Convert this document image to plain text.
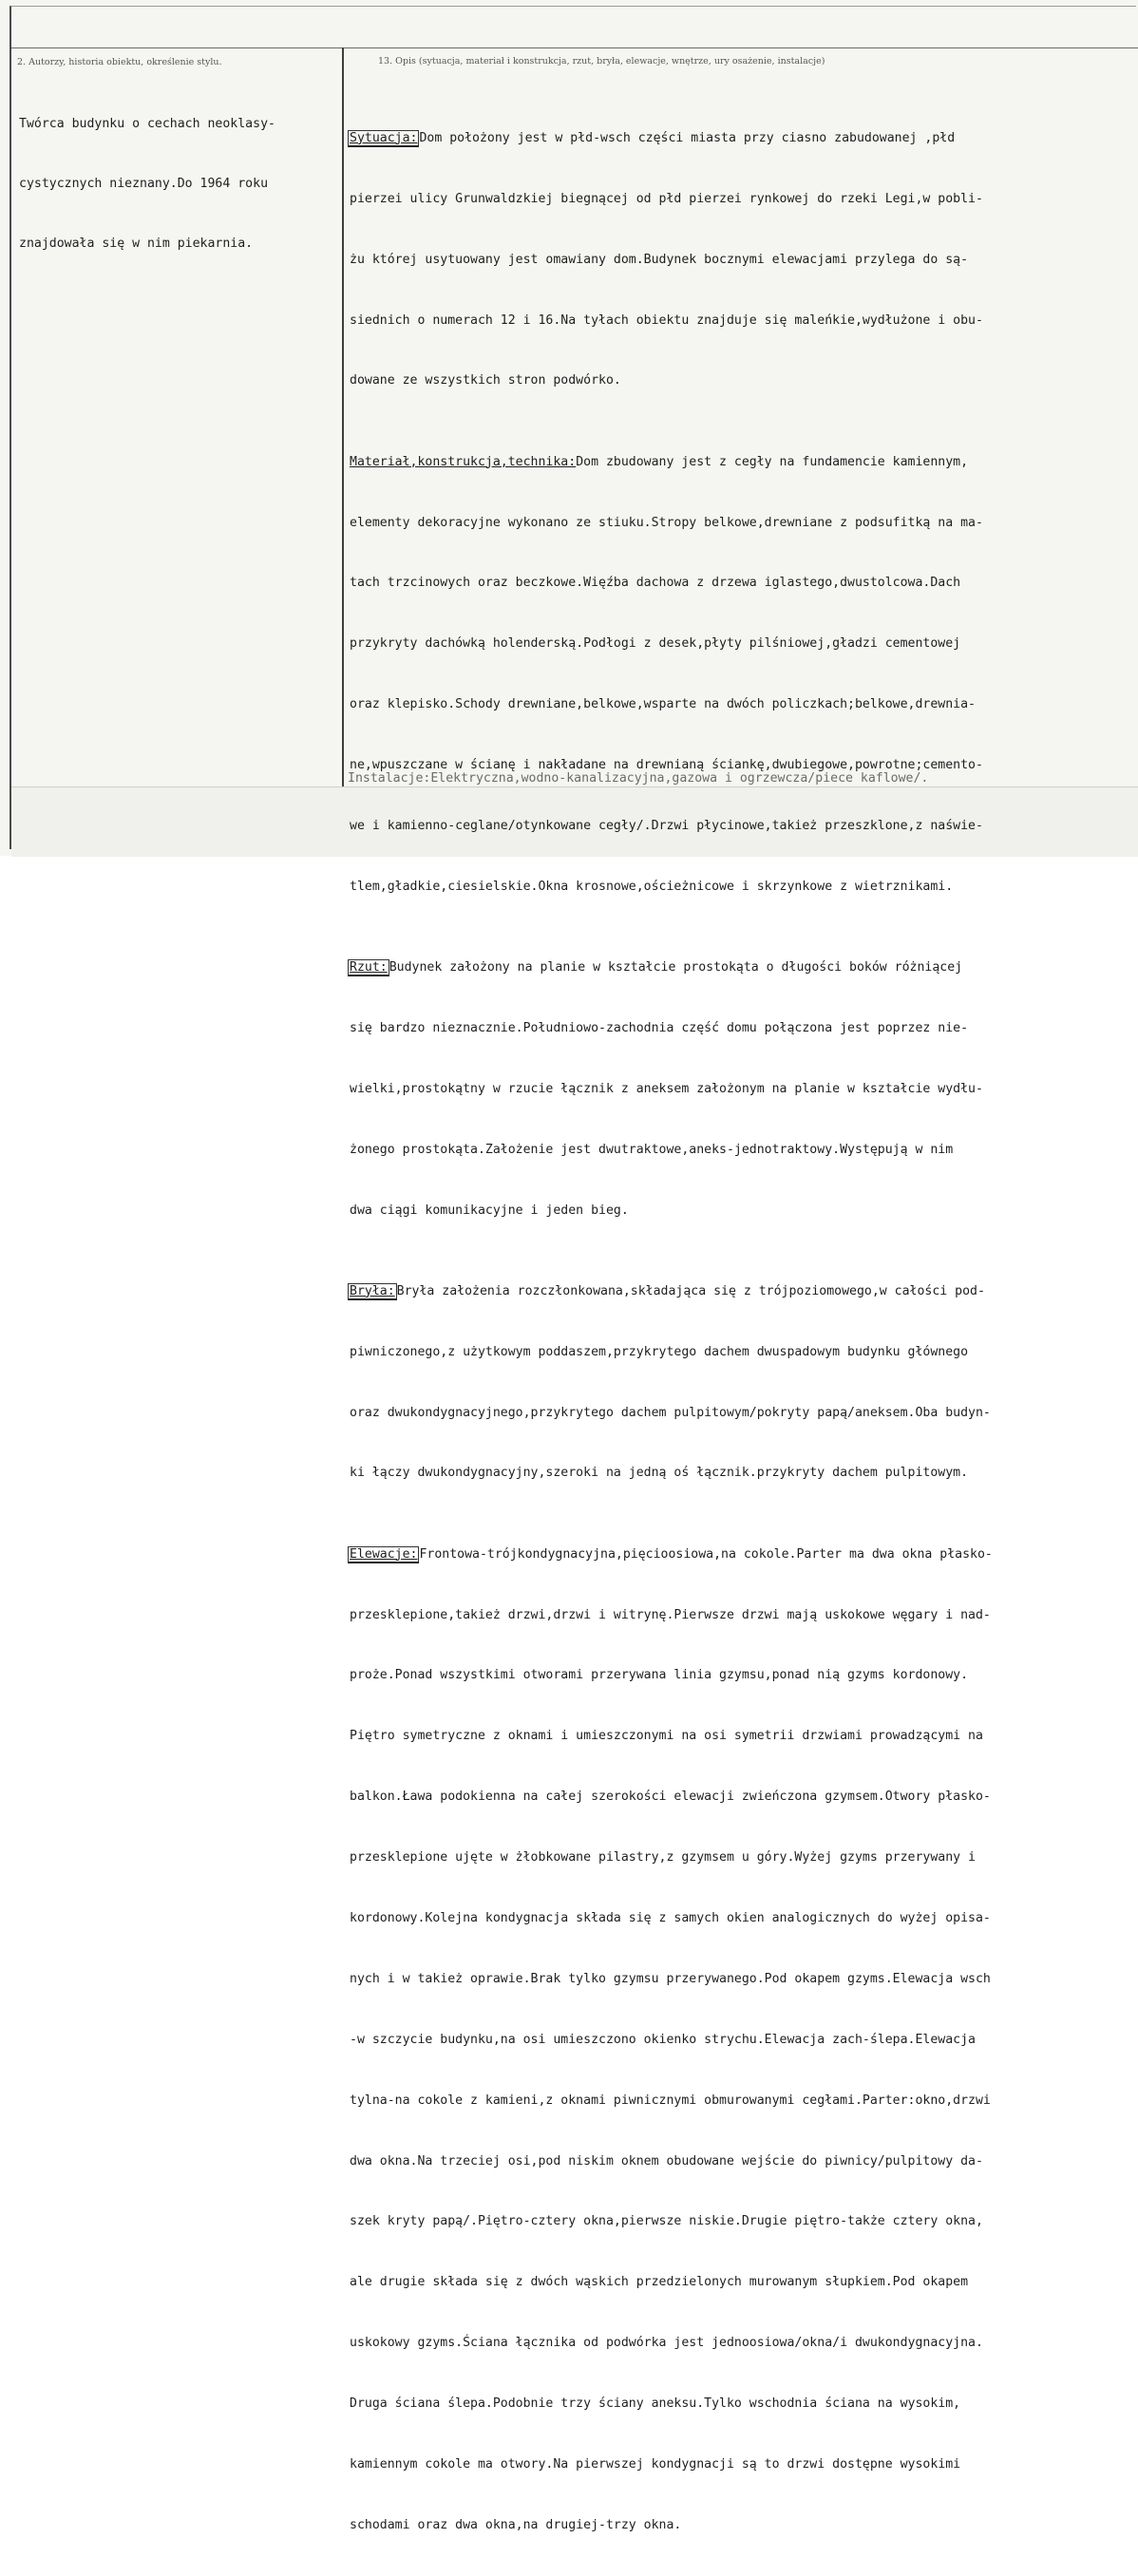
2. Autorzy, historia obiektu, określenie stylu.	13. Opis (sytuacja, materiał i konstrukcja, rzut, bryła, elewacje, wnętrze, ury osażenie, instalacje)

Twórca budynku o cechach neoklasy-

cystycznych nieznany.Do 1964 roku

znajdowała się w nim piekarnia.

Sytuacja: Dom położony jest w płd-wsch części miasta przy ciasno zabudowanej ,płd

pierzei ulicy Grunwaldzkiej biegnącej od płd pierzei rynkowej do rzeki Legi,w pobli-

żu której usytuowany jest omawiany dom.Budynek bocznymi elewacjami przylega do są-

siednich o numerach 12 i 16.Na tyłach obiektu znajduje się maleńkie,wydłużone i obu-

dowane ze wszystkich stron podwórko.

Materiał,konstrukcja,technika:Dom zbudowany jest z cegły na fundamencie kamiennym,

elementy dekoracyjne wykonano ze stiuku.Stropy belkowe,drewniane z podsufitką na ma-

tach trzcinowych oraz beczkowe.Więźba dachowa z drzewa iglastego,dwustolcowa.Dach

przykryty dachówką holenderską.Podłogi z desek,płyty pilśniowej,gładzi cementowej

oraz klepisko.Schody drewniane,belkowe,wsparte na dwóch policzkach;belkowe,drewnia-

ne,wpuszczane w ścianę i nakładane na drewnianą ściankę,dwubiegowe,powrotne;cemento-

we i kamienno-ceglane/otynkowane cegły/.Drzwi płycinowe,takież przeszklone,z naświe-

tlem,gładkie,ciesielskie.Okna krosnowe,ościeżnicowe i skrzynkowe z wietrznikami.

Rzut: Budynek założony na planie w kształcie prostokąta o długości boków różniącej

się bardzo nieznacznie.Południowo-zachodnia część domu połączona jest poprzez nie-

wielki,prostokątny w rzucie łącznik z aneksem założonym na planie w kształcie wydłu-

żonego prostokąta.Założenie jest dwutraktowe,aneks-jednotraktowy.Występują w nim

dwa ciągi komunikacyjne i jeden bieg.

Bryła: Bryła założenia rozczłonkowana,składająca się z trójpoziomowego,w całości pod-

piwniczonego,z użytkowym poddaszem,przykrytego dachem dwuspadowym budynku głównego

oraz dwukondygnacyjnego,przykrytego dachem pulpitowym/pokryty papą/aneksem.Oba budyn-

ki łączy dwukondygnacyjny,szeroki na jedną oś łącznik.przykryty dachem pulpitowym.

Elewacje: Frontowa-trójkondygnacyjna,pięcioosiowa,na cokole.Parter ma dwa okna płasko-

przesklepione,takież drzwi,drzwi i witrynę.Pierwsze drzwi mają uskokowe węgary i nad-

proże.Ponad wszystkimi otworami przerywana linia gzymsu,ponad nią gzyms kordonowy.

Piętro symetryczne z oknami i umieszczonymi na osi symetrii drzwiami prowadzącymi na

balkon.Ława podokienna na całej szerokości elewacji zwieńczona gzymsem.Otwory płasko-

przesklepione ujęte w żłobkowane pilastry,z gzymsem u góry.Wyżej gzyms przerywany i

kordonowy.Kolejna kondygnacja składa się z samych okien analogicznych do wyżej opisa-

nych i w takież oprawie.Brak tylko gzymsu przerywanego.Pod okapem gzyms.Elewacja wsch

-w szczycie budynku,na osi umieszczono okienko strychu.Elewacja zach-ślepa.Elewacja

tylna-na cokole z kamieni,z oknami piwnicznymi obmurowanymi cegłami.Parter:okno,drzwi

dwa okna.Na trzeciej osi,pod niskim oknem obudowane wejście do piwnicy/pulpitowy da-

szek kryty papą/.Piętro-cztery okna,pierwsze niskie.Drugie piętro-także cztery okna,

ale drugie składa się z dwóch wąskich przedzielonych murowanym słupkiem.Pod okapem

uskokowy gzyms.Ściana łącznika od podwórka jest jednoosiowa/okna/i dwukondygnacyjna.

Druga ściana ślepa.Podobnie trzy ściany aneksu.Tylko wschodnia ściana na wysokim,

kamiennym cokole ma otwory.Na pierwszej kondygnacji są to drzwi dostępne wysokimi

schodami oraz dwa okna,na drugiej-trzy okna.

Instalacje:Elektryczna,wodno-kanalizacyjna,gazowa i ogrzewcza/piece kaflowe/.
